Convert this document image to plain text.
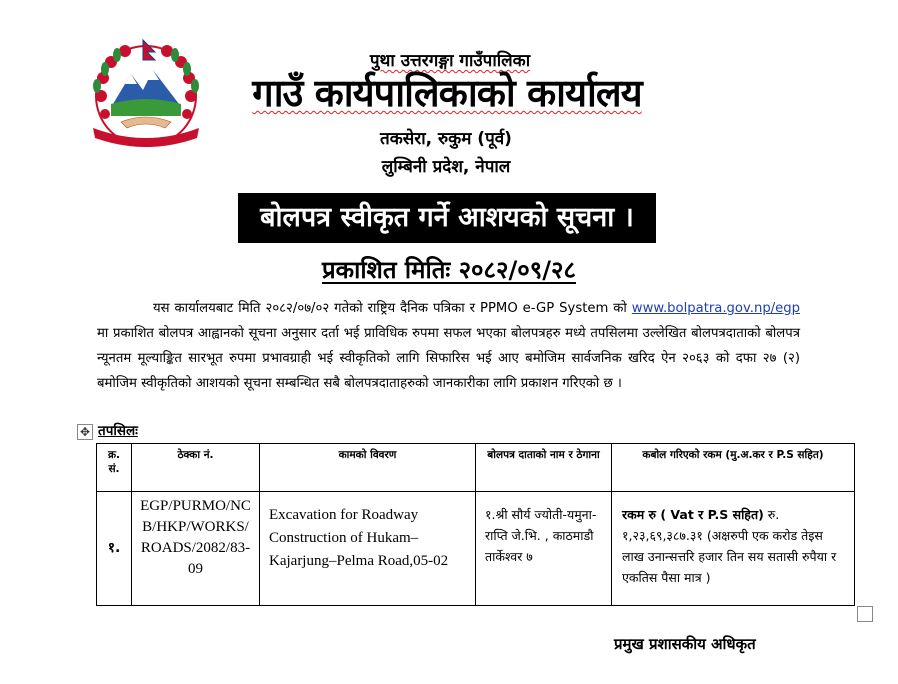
पुथा उत्तरगङ्गा गाउँपालिका
गाउँ कार्यपालिकाको कार्यालय
तकसेरा, रुकुम (पूर्व)
लुम्बिनी प्रदेश, नेपाल
बोलपत्र स्वीकृत गर्ने आशयको सूचना ।
प्रकाशित मितिः २०८२/०९/२८

यस कार्यालयबाट मिति २०८२/०७/०२ गतेको राष्ट्रिय दैनिक पत्रिका र PPMO e-GP System को www.bolpatra.gov.np/egp मा प्रकाशित बोलपत्र आह्वानको सूचना अनुसार दर्ता भई प्राविधिक रुपमा सफल भएका बोलपत्रहरु मध्ये तपसिलमा उल्लेखित बोलपत्रदाताको बोलपत्र न्यूनतम मूल्याङ्कित सारभूत रुपमा प्रभावग्राही भई स्वीकृतिको लागि सिफारिस भई आए बमोजिम सार्वजनिक खरिद ऐन २०६३ को दफा २७ (२) बमोजिम स्वीकृतिको आशयको सूचना सम्बन्धित सबै बोलपत्रदाताहरुको जानकारीका लागि प्रकाशन गरिएको छ ।

✥ तपसिलः
क्र. सं.	ठेक्का नं.	कामको विवरण	बोलपत्र दाताको नाम र ठेगाना	कबोल गरिएको रकम (मु.अ.कर र P.S सहित)
१.	EGP/PURMO/NCB/HKP/WORKS/ROADS/2082/83-09	Excavation for Roadway Construction of Hukam–Kajarjung–Pelma Road,05-02	१.श्री सौर्य ज्योती-यमुना-राप्ति जे.भि. , काठमाडौ तार्केश्वर ७	रकम रु ( Vat र P.S सहित) रु. १,२३,६९,३८७.३१ (अक्षरुपी एक करोड तेइस लाख उनान्सत्तरि हजार तिन सय सतासी रुपैया र एकतिस पैसा मात्र )
प्रमुख प्रशासकीय अधिकृत
